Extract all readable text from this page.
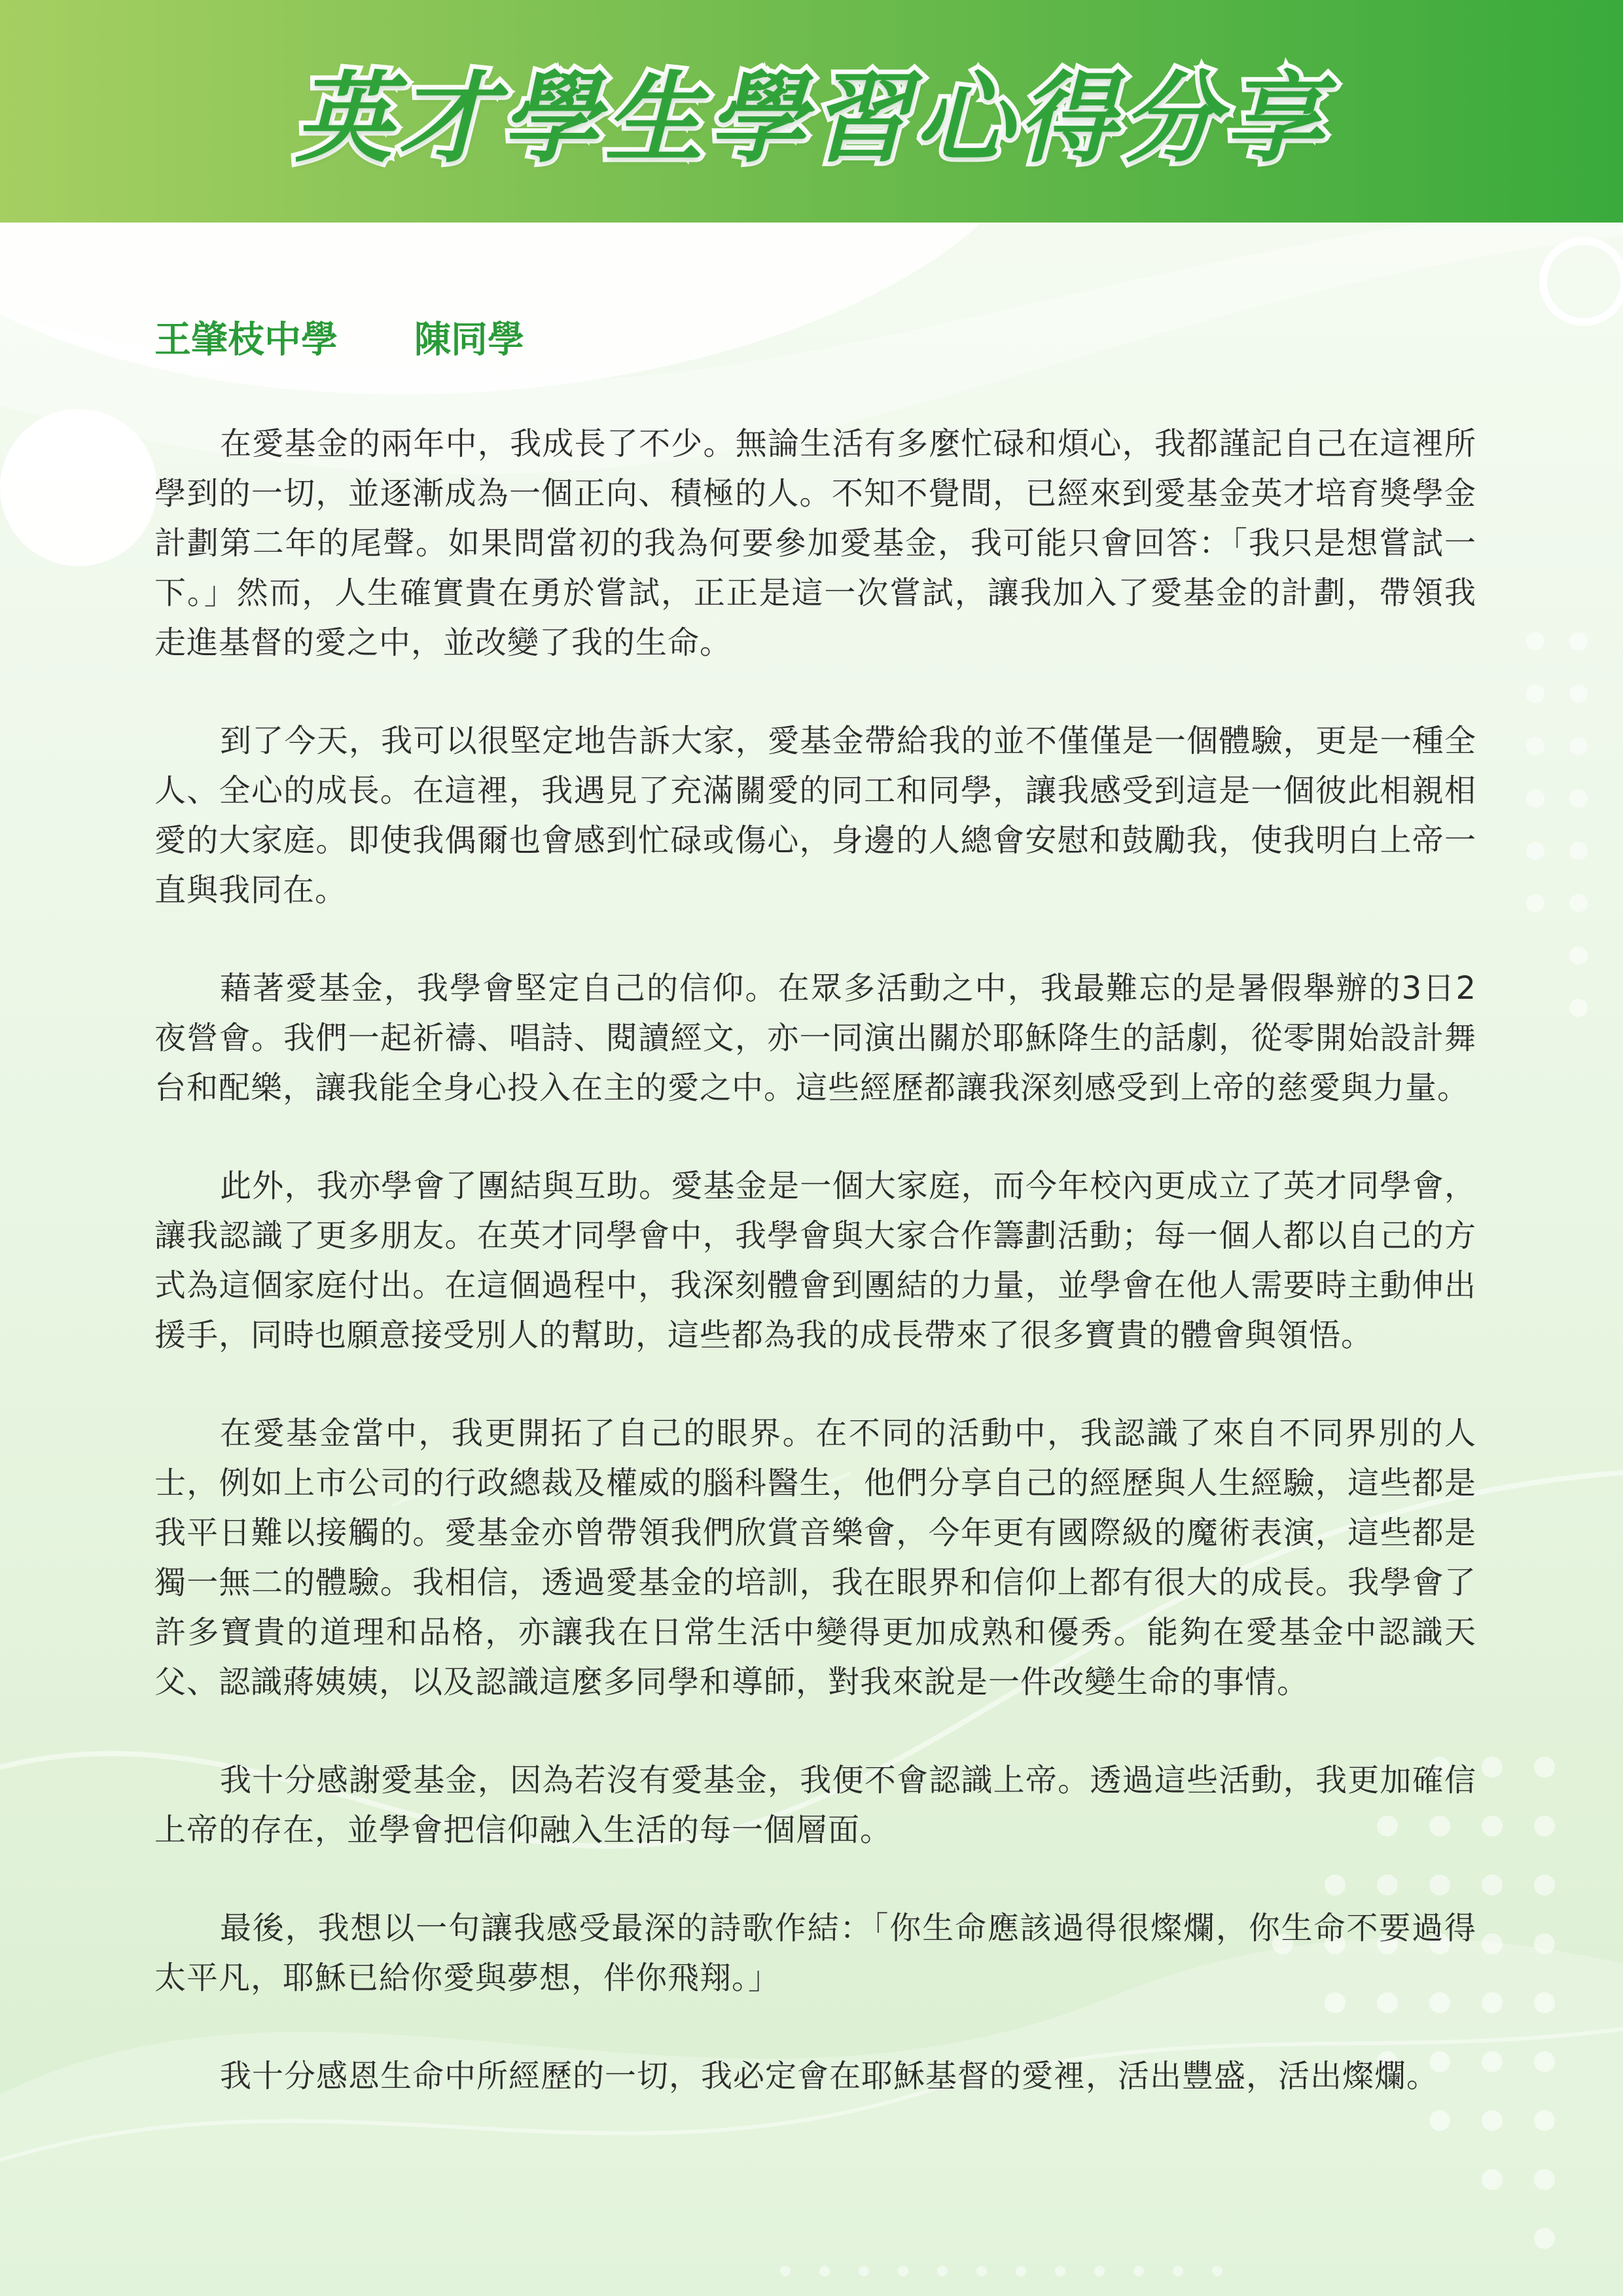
英才學生學習心得分享

王肇枝中學 陳同學

在愛基金的兩年中，我成長了不少。無論生活有多麼忙碌和煩心，我都謹記自己在這裡所學到的一切，並逐漸成為一個正向、積極的人。不知不覺間，已經來到愛基金英才培育獎學金計劃第二年的尾聲。如果問當初的我為何要參加愛基金，我可能只會回答：「我只是想嘗試一下。」然而，人生確實貴在勇於嘗試，正正是這一次嘗試，讓我加入了愛基金的計劃，帶領我走進基督的愛之中，並改變了我的生命。

到了今天，我可以很堅定地告訴大家，愛基金帶給我的並不僅僅是一個體驗，更是一種全人、全心的成長。在這裡，我遇見了充滿關愛的同工和同學，讓我感受到這是一個彼此相親相愛的大家庭。即使我偶爾也會感到忙碌或傷心，身邊的人總會安慰和鼓勵我，使我明白上帝一直與我同在。

藉著愛基金，我學會堅定自己的信仰。在眾多活動之中，我最難忘的是暑假舉辦的3日2夜營會。我們一起祈禱、唱詩、閱讀經文，亦一同演出關於耶穌降生的話劇，從零開始設計舞台和配樂，讓我能全身心投入在主的愛之中。這些經歷都讓我深刻感受到上帝的慈愛與力量。

此外，我亦學會了團結與互助。愛基金是一個大家庭，而今年校內更成立了英才同學會，讓我認識了更多朋友。在英才同學會中，我學會與大家合作籌劃活動；每一個人都以自己的方式為這個家庭付出。在這個過程中，我深刻體會到團結的力量，並學會在他人需要時主動伸出援手，同時也願意接受別人的幫助，這些都為我的成長帶來了很多寶貴的體會與領悟。

在愛基金當中，我更開拓了自己的眼界。在不同的活動中，我認識了來自不同界別的人士，例如上市公司的行政總裁及權威的腦科醫生，他們分享自己的經歷與人生經驗，這些都是我平日難以接觸的。愛基金亦曾帶領我們欣賞音樂會，今年更有國際級的魔術表演，這些都是獨一無二的體驗。我相信，透過愛基金的培訓，我在眼界和信仰上都有很大的成長。我學會了許多寶貴的道理和品格，亦讓我在日常生活中變得更加成熟和優秀。能夠在愛基金中認識天父、認識蔣姨姨，以及認識這麼多同學和導師，對我來說是一件改變生命的事情。

我十分感謝愛基金，因為若沒有愛基金，我便不會認識上帝。透過這些活動，我更加確信上帝的存在，並學會把信仰融入生活的每一個層面。

最後，我想以一句讓我感受最深的詩歌作結：「你生命應該過得很燦爛，你生命不要過得太平凡，耶穌已給你愛與夢想，伴你飛翔。」

我十分感恩生命中所經歷的一切，我必定會在耶穌基督的愛裡，活出豐盛，活出燦爛。
